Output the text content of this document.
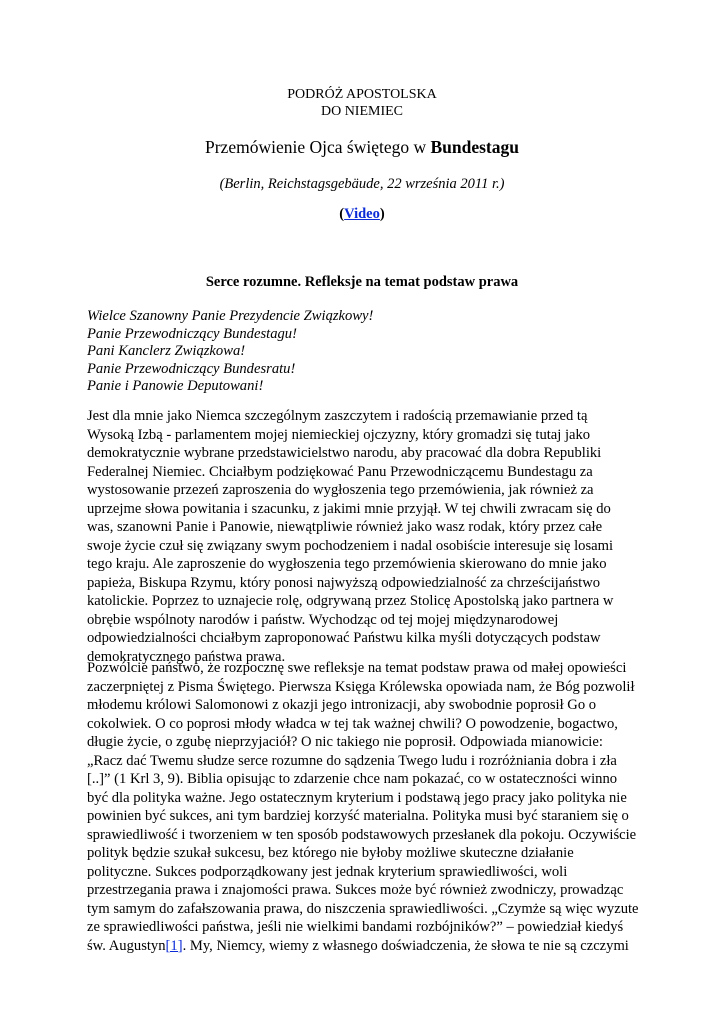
PODRÓŻ APOSTOLSKA
DO NIEMIEC
Przemówienie Ojca świętego w Bundestagu
(Berlin, Reichstagsgebäude, 22 września 2011 r.)
(Video)
Serce rozumne. Refleksje na temat podstaw prawa
Wielce Szanowny Panie Prezydencie Związkowy!
Panie Przewodniczący Bundestagu!
Pani Kanclerz Związkowa!
Panie Przewodniczący Bundesratu!
Panie i Panowie Deputowani!
Jest dla mnie jako Niemca szczególnym zaszczytem i radością przemawianie przed tą
Wysoką Izbą - parlamentem mojej niemieckiej ojczyzny, który gromadzi się tutaj jako
demokratycznie wybrane przedstawicielstwo narodu, aby pracować dla dobra Republiki
Federalnej Niemiec. Chciałbym podziękować Panu Przewodniczącemu Bundestagu za
wystosowanie przezeń zaproszenia do wygłoszenia tego przemówienia, jak również za
uprzejme słowa powitania i szacunku, z jakimi mnie przyjął. W tej chwili zwracam się do
was, szanowni Panie i Panowie, niewątpliwie również jako wasz rodak, który przez całe
swoje życie czuł się związany swym pochodzeniem i nadal osobiście interesuje się losami
tego kraju. Ale zaproszenie do wygłoszenia tego przemówienia skierowano do mnie jako
papieża, Biskupa Rzymu, który ponosi najwyższą odpowiedzialność za chrześcijaństwo
katolickie. Poprzez to uznajecie rolę, odgrywaną przez Stolicę Apostolską jako partnera w
obrębie wspólnoty narodów i państw. Wychodząc od tej mojej międzynarodowej
odpowiedzialności chciałbym zaproponować Państwu kilka myśli dotyczących podstaw
demokratycznego państwa prawa.
Pozwólcie państwo, że rozpocznę swe refleksje na temat podstaw prawa od małej opowieści
zaczerpniętej z Pisma Świętego. Pierwsza Księga Królewska opowiada nam, że Bóg pozwolił
młodemu królowi Salomonowi z okazji jego intronizacji, aby swobodnie poprosił Go o
cokolwiek. O co poprosi młody władca w tej tak ważnej chwili? O powodzenie, bogactwo,
długie życie, o zgubę nieprzyjaciół? O nic takiego nie poprosił. Odpowiada mianowicie:
„Racz dać Twemu słudze serce rozumne do sądzenia Twego ludu i rozróżniania dobra i zła
[..]” (1 Krl 3, 9). Biblia opisując to zdarzenie chce nam pokazać, co w ostateczności winno
być dla polityka ważne. Jego ostatecznym kryterium i podstawą jego pracy jako polityka nie
powinien być sukces, ani tym bardziej korzyść materialna. Polityka musi być staraniem się o
sprawiedliwość i tworzeniem w ten sposób podstawowych przesłanek dla pokoju. Oczywiście
polityk będzie szukał sukcesu, bez którego nie byłoby możliwe skuteczne działanie
polityczne. Sukces podporządkowany jest jednak kryterium sprawiedliwości, woli
przestrzegania prawa i znajomości prawa. Sukces może być również zwodniczy, prowadząc
tym samym do zafałszowania prawa, do niszczenia sprawiedliwości. „Czymże są więc wyzute
ze sprawiedliwości państwa, jeśli nie wielkimi bandami rozbójników?” – powiedział kiedyś
św. Augustyn[1]. My, Niemcy, wiemy z własnego doświadczenia, że słowa te nie są czczymi
